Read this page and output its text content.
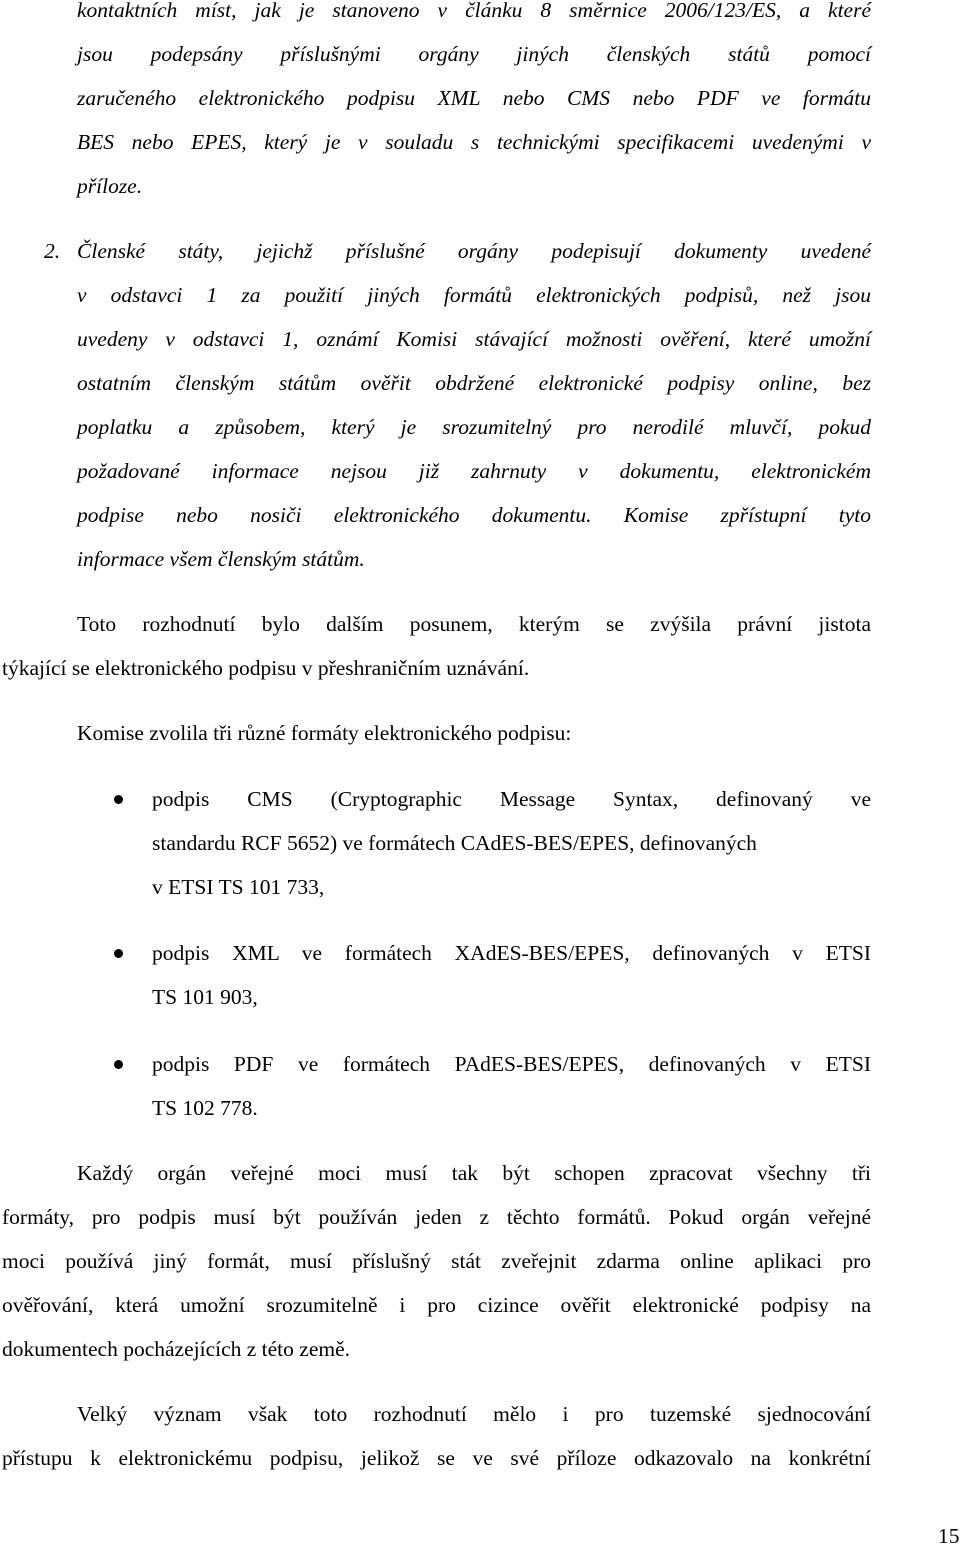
kontaktních míst, jak je stanoveno v článku 8 směrnice 2006/123/ES, a které
jsou podepsány příslušnými orgány jiných členských států pomocí
zaručeného elektronického podpisu XML nebo CMS nebo PDF ve formátu
BES nebo EPES, který je v souladu s technickými specifikacemi uvedenými v
příloze.
2. Členské státy, jejichž příslušné orgány podepisují dokumenty uvedené
v odstavci 1 za použití jiných formátů elektronických podpisů, než jsou
uvedeny v odstavci 1, oznámí Komisi stávající možnosti ověření, které umožní
ostatním členským státům ověřit obdržené elektronické podpisy online, bez
poplatku a způsobem, který je srozumitelný pro nerodilé mluvčí, pokud
požadované informace nejsou již zahrnuty v dokumentu, elektronickém
podpise nebo nosiči elektronického dokumentu. Komise zpřístupní tyto
informace všem členským státům.
Toto rozhodnutí bylo dalším posunem, kterým se zvýšila právní jistota
týkající se elektronického podpisu v přeshraničním uznávání.
Komise zvolila tři různé formáty elektronického podpisu:
podpis CMS (Cryptographic Message Syntax, definovaný ve
standardu RCF 5652) ve formátech CAdES-BES/EPES, definovaných
v ETSI TS 101 733,
podpis XML ve formátech XAdES-BES/EPES, definovaných v ETSI
TS 101 903,
podpis PDF ve formátech PAdES-BES/EPES, definovaných v ETSI
TS 102 778.
Každý orgán veřejné moci musí tak být schopen zpracovat všechny tři
formáty, pro podpis musí být používán jeden z těchto formátů. Pokud orgán veřejné
moci používá jiný formát, musí příslušný stát zveřejnit zdarma online aplikaci pro
ověřování, která umožní srozumitelně i pro cizince ověřit elektronické podpisy na
dokumentech pocházejících z této země.
Velký význam však toto rozhodnutí mělo i pro tuzemské sjednocování
přístupu k elektronickému podpisu, jelikož se ve své příloze odkazovalo na konkrétní
15
